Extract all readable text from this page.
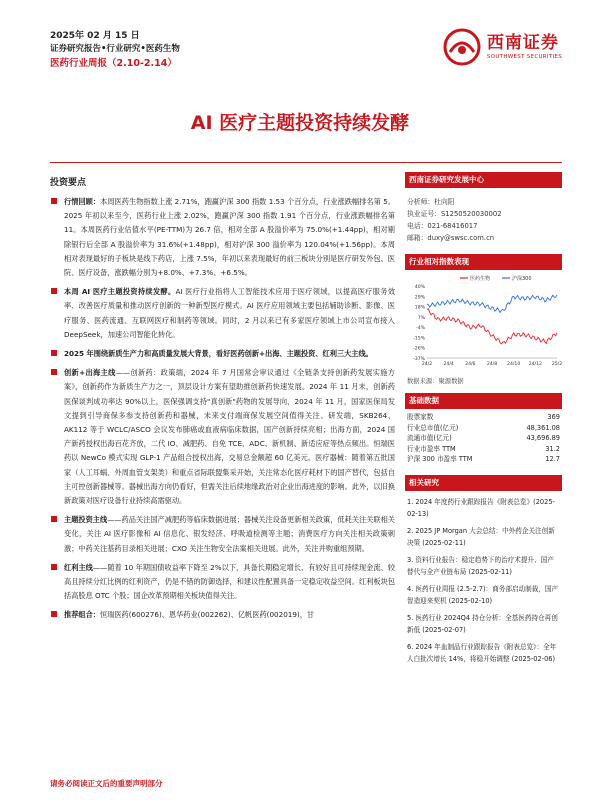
2025年 02 月 15 日
证券研究报告•行业研究•医药生物
医药行业周报（2.10-2.14）
西南证券
SOUTHWEST SECURITIES
AI 医疗主题投资持续发酵
投资要点
行情回顾：本周医药生物指数上涨 2.71%，跑赢沪深 300 指数 1.53 个百分点，行业涨跌幅排名第 5。2025 年初以来至今，医药行业上涨 2.02%，跑赢沪深 300 指数 1.91 个百分点，行业涨跌幅排名第 11。本周医药行业估值水平(PE-TTM)为 26.7 倍，相对全部 A 股溢价率为 75.0%(+1.44pp)，相对剔除银行后全部 A 股溢价率为 31.6%(+1.48pp)，相对沪深 300 溢价率为 120.04%(+1.56pp)。本周相对表现最好的子板块是线下药店，上涨 7.5%，年初以来表现最好的前三板块分别是医疗研发外包、医院、医疗设备，涨跌幅分别为+8.0%、+7.3%、+6.5%。
本周 AI 医疗主题投资持续发酵。AI 医疗行业指将人工智能技术应用于医疗领域，以提高医疗服务效率、改善医疗质量和推动医疗创新的一种新型医疗模式。AI 医疗应用领域主要包括辅助诊断、影像、医疗服务、医药流通、互联网医疗和制药等领域。同时，2 月以来已有多家医疗领域上市公司宣布接入 DeepSeek，加速公司智能化转化。
2025 年围绕新质生产力和高质量发展大背景，看好医药创新+出海、主题投资、红利三大主线。
创新+出海主线——创新药：政策端，2024 年 7 月国常会审议通过《全链条支持创新药发展实施方案》，创新药作为新质生产力之一，顶层设计方案有望助推创新药快速发展。2024 年 11 月末，创新药医保谈判成功率达 90%以上，医保强调支持"真创新"药物的发展导向，2024 年 11 月，国家医保局发文提到引导商保多参支持创新药和器械，未来支付端商保发展空间值得关注。研发端，SKB264、AK112 等于 WCLC/ASCO 会议发布肺癌或血液病临床数据，国产创新持续亮相；出海方面，2024 国产新药授权出海百花齐放，二代 IO、减肥药、自免 TCE、ADC、新机制、新适应症等热点频出。恒瑞医药以 NewCo 模式实现 GLP-1 产品组合授权出海，交易总金额超 60 亿美元。医疗器械：随着第五批国家（人工耳蜗、外周血管支架类）和重点省际联盟集采开始，关注常态化医疗耗材下的国产替代，包括自主可控创新器械等。器械出海方向仍看好，但需关注后续地缘政治对企业出海进度的影响。此外，以旧换新政策对医疗设备行业持续高需驱动。
主题投资主线——药品关注国产减肥药等临床数据进展；器械关注设备更新相关政策，低耗关注关联相关变化，关注 AI 医疗影像和 AI 信息化、银发经济、呼吸道检测等主题；消费医疗方向关注相关政策刺激；中药关注基药目录相关进展；CXO 关注生物安全法案相关进展。此外，关注并购重组预期。
红利主线——随着 10 年期国债收益率下降至 2%以下，具备长期稳定增长、有较好且可持续现金流、较高且持续分红比例的红利资产，仍是不错的防御选择，和建议性配置具备一定稳定收益空间。红利板块包括高股息 OTC 个股；国企改革预期相关板块值得关注。
推荐组合：恒瑞医药(600276)、恩华药业(002262)、亿帆医药(002019)，甘
西南证券研究发展中心
分析师：杜向阳
执业证号：S1250520030002
电话：021-68416017
邮箱：duxy@swsc.com.cn
行业相对指数表现
40%
29%
18%
7%
-4%
-15%
-26%
-37%
24/2 24/4 24/6 24/8 24/10 24/12 25/2
医药生物	沪深300
数据来源：聚源数据
基础数据
股票家数	369
行业总市值(亿元)	48,361.08
流通市值(亿元)	43,696.89
行业市盈率 TTM	31.2
沪深 300 市盈率 TTM	12.7
相关研究
1. 2024 年度药行业跟踪报告《附表总览》(2025-02-13)
2. 2025 JP Morgan 大会总结：中外药企关注创新决策 (2025-02-11)
3. 资料行业报告：稳定趋势下的治疗术提升、国产替代与全产业链布局 (2025-02-11)
4. 医药行业周报 (2.5-2.7)：商务部启动制裁，国产智造迎来契机 (2025-02-10)
5. 医药行业 2024Q4 持仓分析：全基医药持仓再创新低 (2025-02-07)
6. 2024 年血制品行业跟踪报告《附表总览》：全年人白批次增长 14%，将稳开始调整 (2025-02-06)
请务必阅读正文后的重要声明部分
